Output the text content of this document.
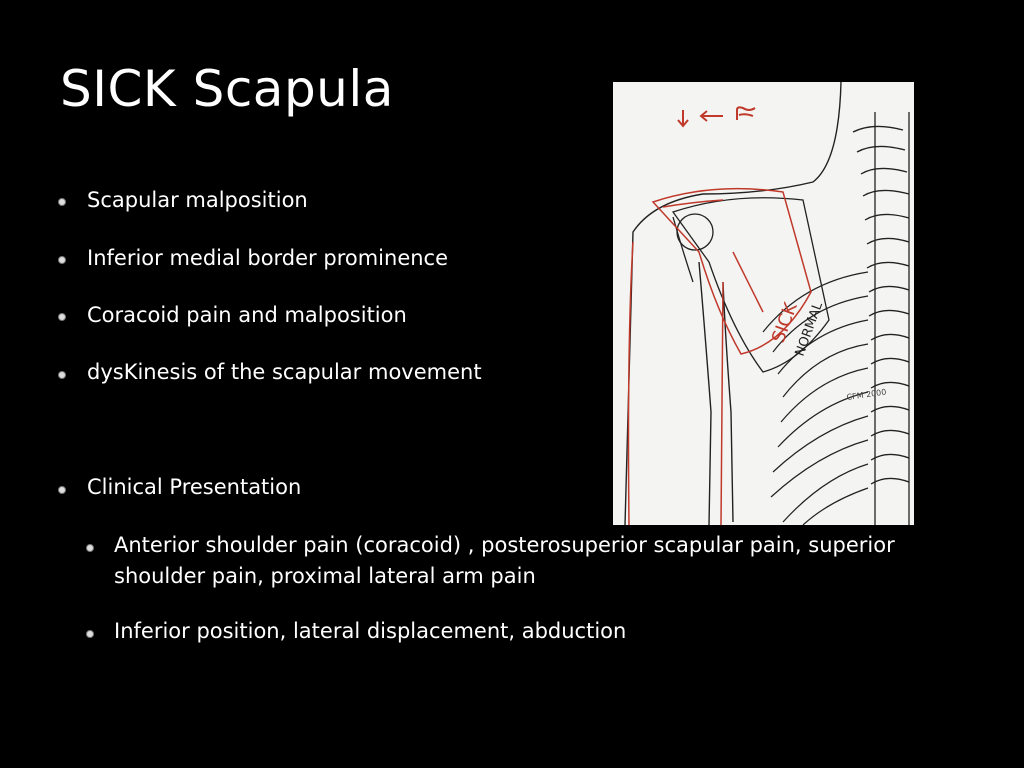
SICK Scapula
Scapular malposition
Inferior medial border prominence
Coracoid pain and malposition
dysKinesis of the scapular movement
Clinical Presentation
Anterior shoulder pain (coracoid) , posterosuperior scapular pain, superior shoulder pain, proximal lateral arm pain
Inferior position, lateral displacement, abduction
SICK
NORMAL
CFM 2000
